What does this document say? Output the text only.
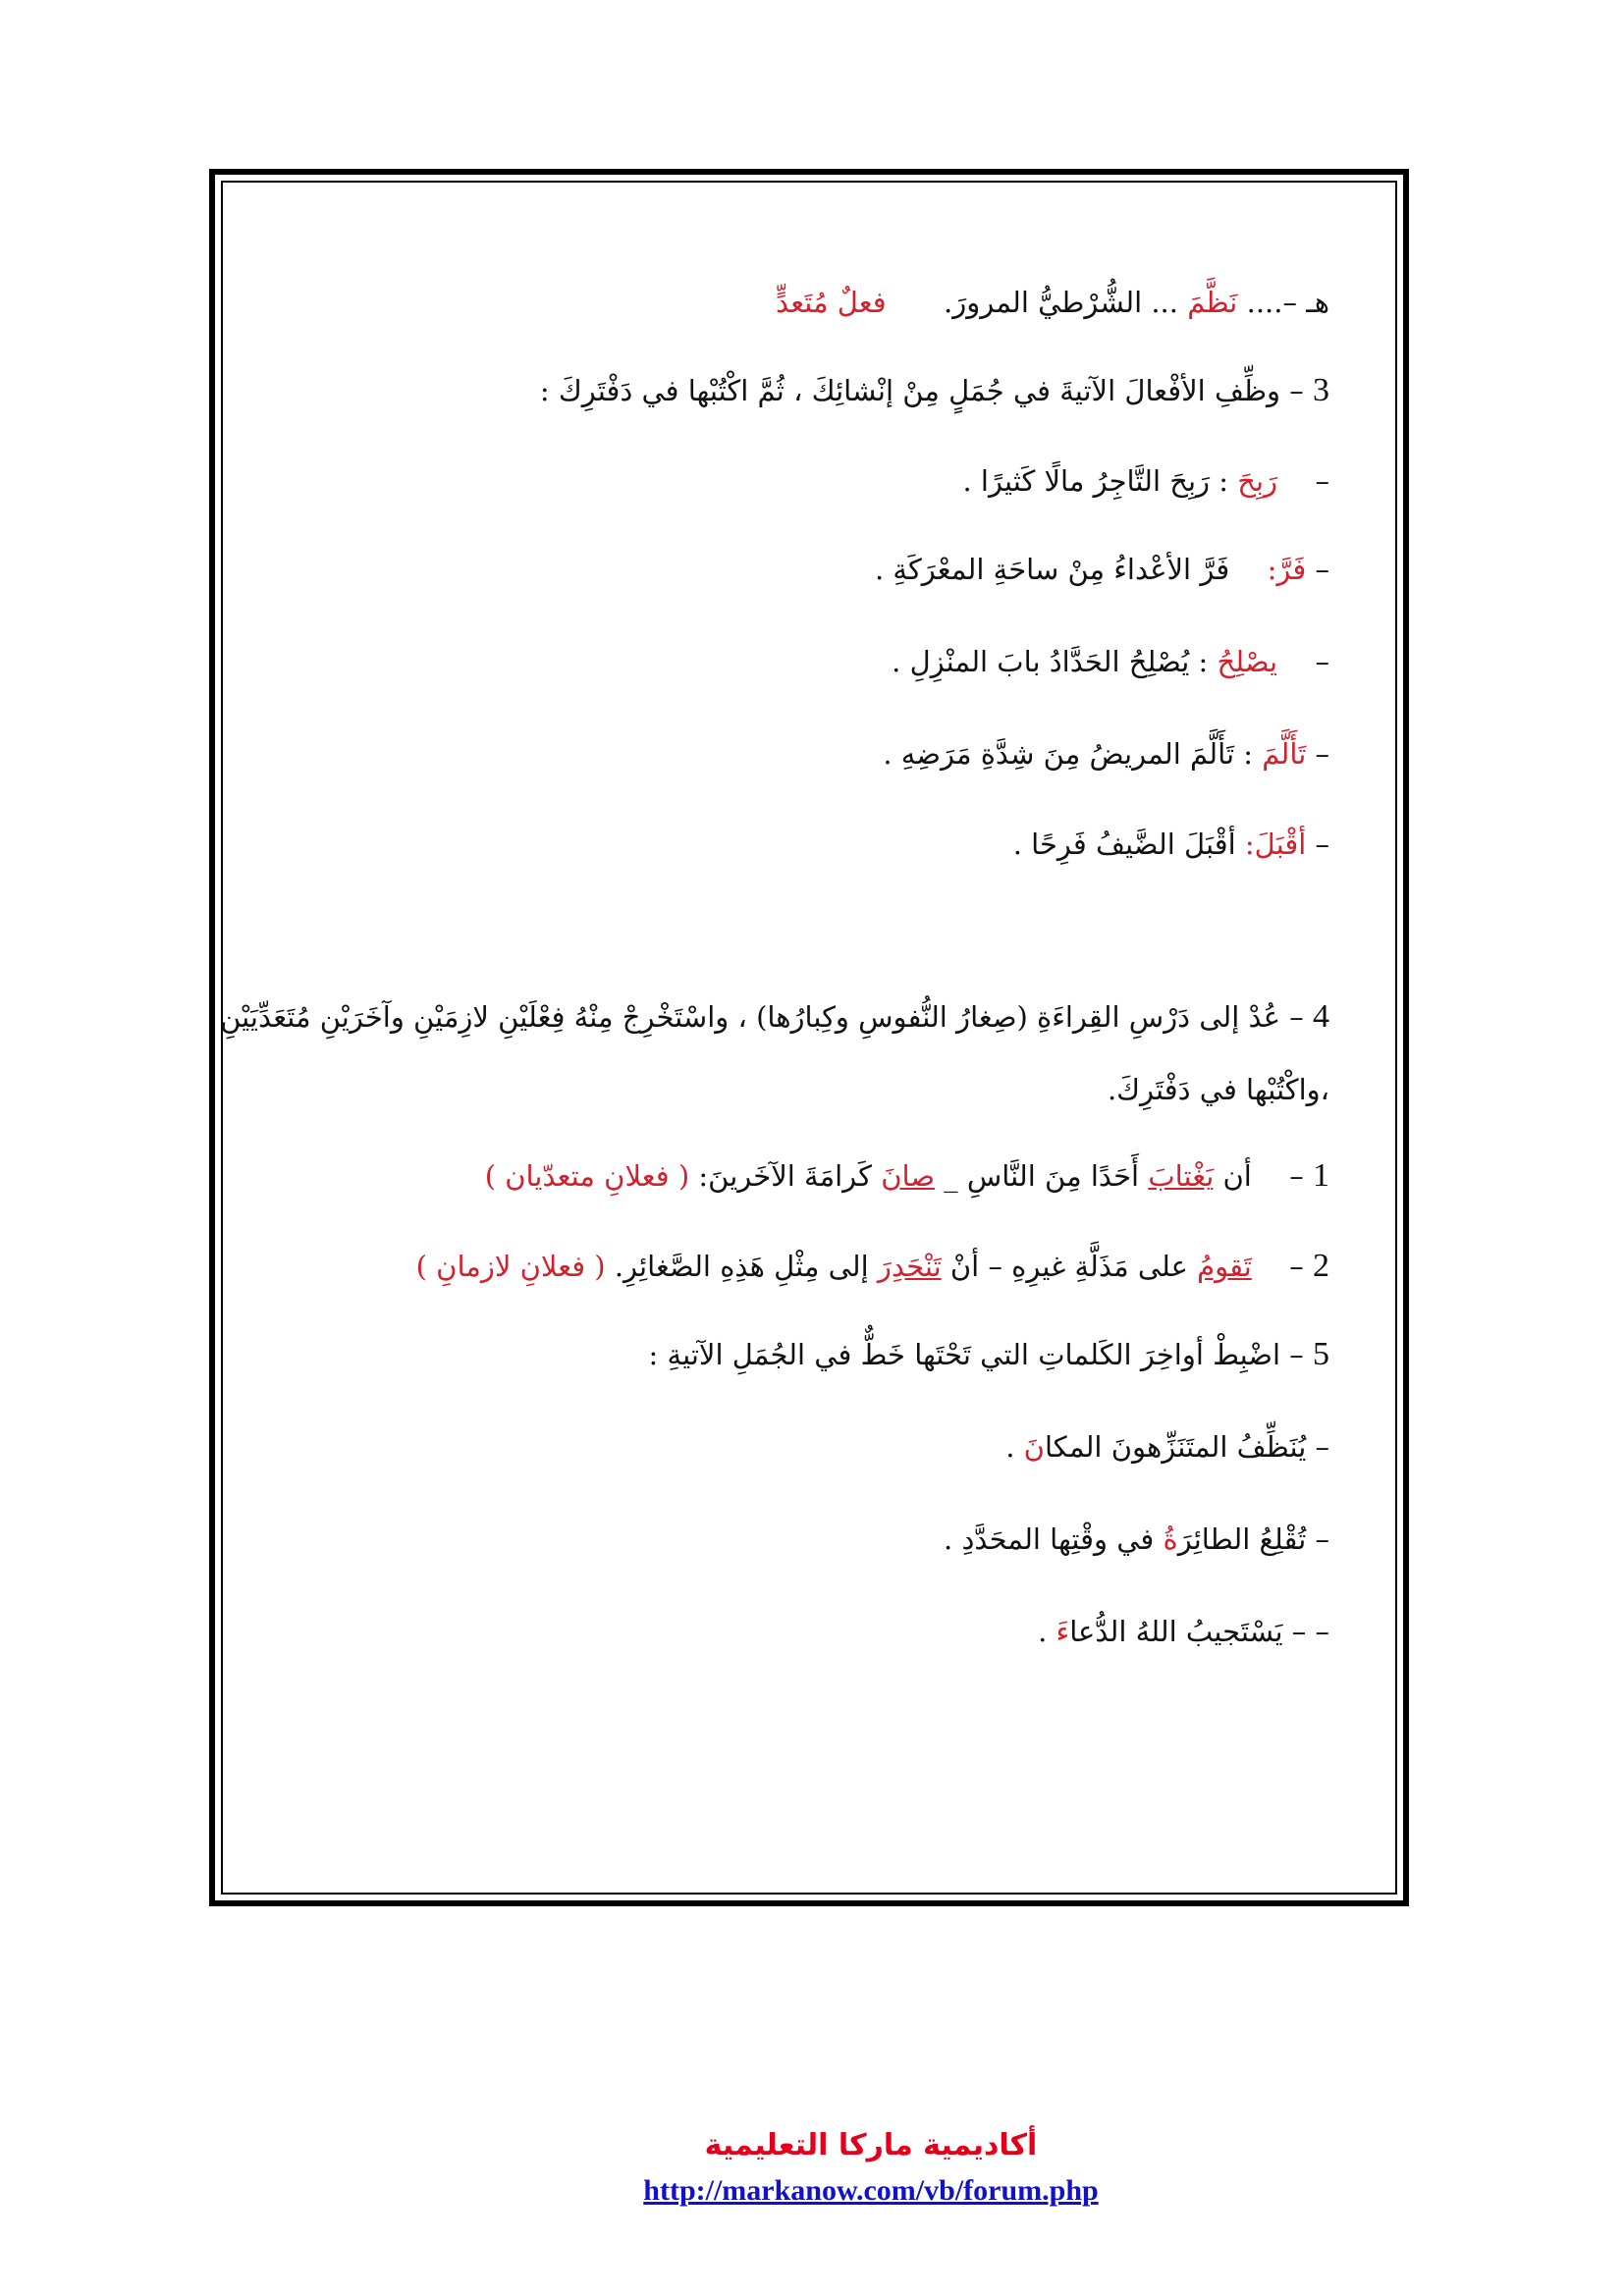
هـ –.... نَظَّمَ ... الشُّرْطيُّ المرورَ.  فعلٌ مُتَعدٍّ
3 – وظِّفِ الأفْعالَ الآتيةَ في جُمَلٍ مِنْ إنْشائِكَ ، ثُمَّ اكْتُبْها في دَفْتَرِكَ :
–  رَبِحَ : رَبِحَ التَّاجِرُ مالًا كَثيرًا .
– فَرَّ:  فَرَّ الأعْداءُ مِنْ ساحَةِ المعْرَكَةِ .
–  يصْلِحُ : يُصْلِحُ الحَدَّادُ بابَ المنْزِلِ .
– تَأَلَّمَ : تَأَلَّمَ المريضُ مِنَ شِدَّةِ مَرَضِهِ .
– أقْبَلَ: أقْبَلَ الضَّيفُ فَرِحًا .
4 – عُدْ إلى دَرْسِ القِراءَةِ (صِغارُ النُّفوسِ وكِبارُها) ، واسْتَخْرِجْ مِنْهُ فِعْلَيْنِ لازِمَيْنِ وآخَرَيْنِ مُتَعَدِّيَيْنِ
،واكْتُبْها في دَفْتَرِكَ.
1 –  أن يَغْتابَ أَحَدًا مِنَ النَّاسِ _ صانَ كَرامَةَ الآخَرينَ: ( فعلانِ متعدّيان )
2 –  تَقومُ على مَذَلَّةِ غيرِهِ – أنْ تَنْحَدِرَ إلى مِثْلِ هَذِهِ الصَّغائِرِ. ( فعلانِ لازمانِ )
5 – اضْبِطْ أواخِرَ الكَلماتِ التي تَحْتَها خَطٌّ في الجُمَلِ الآتيةِ :
– يُنَظِّفُ المتَنَزِّهونَ المكانَ .
– تُقْلِعُ الطائِرَةُ في وقْتِها المحَدَّدِ .
– – يَسْتَجيبُ اللهُ الدُّعاءَ .
أكاديمية ماركا التعليمية
http://markanow.com/vb/forum.php
